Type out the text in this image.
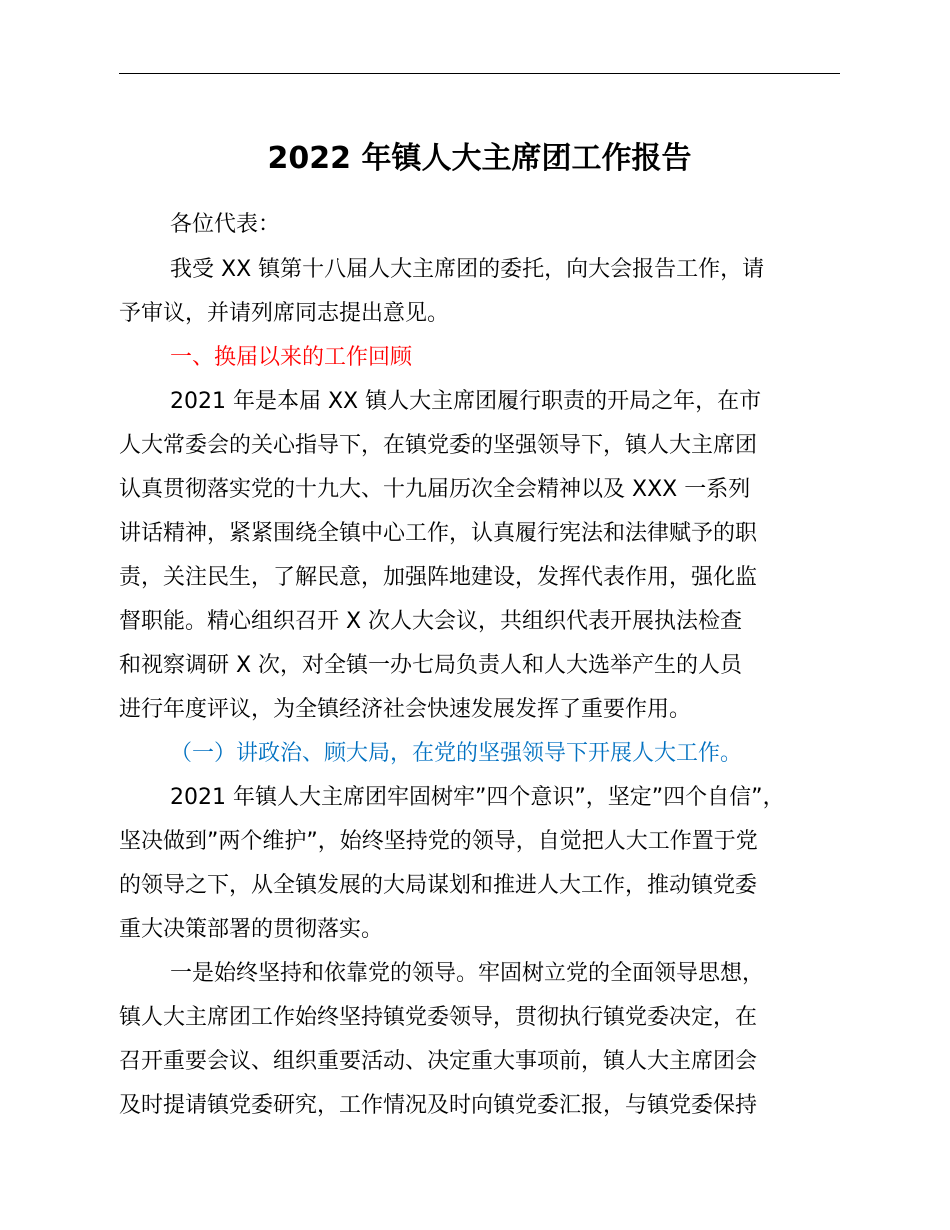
2022 年镇人大主席团工作报告
各位代表：
我受 XX 镇第十八届人大主席团的委托，向大会报告工作，请
予审议，并请列席同志提出意见。
一、换届以来的工作回顾
2021 年是本届 XX 镇人大主席团履行职责的开局之年，在市
人大常委会的关心指导下，在镇党委的坚强领导下，镇人大主席团
认真贯彻落实党的十九大、十九届历次全会精神以及 XXX 一系列
讲话精神，紧紧围绕全镇中心工作，认真履行宪法和法律赋予的职
责，关注民生，了解民意，加强阵地建设，发挥代表作用，强化监
督职能。精心组织召开 X 次人大会议，共组织代表开展执法检查
和视察调研 X 次，对全镇一办七局负责人和人大选举产生的人员
进行年度评议，为全镇经济社会快速发展发挥了重要作用。
（一）讲政治、顾大局，在党的坚强领导下开展人大工作。
2021 年镇人大主席团牢固树牢”四个意识”，坚定”四个自信”，
坚决做到”两个维护”，始终坚持党的领导，自觉把人大工作置于党
的领导之下，从全镇发展的大局谋划和推进人大工作，推动镇党委
重大决策部署的贯彻落实。
一是始终坚持和依靠党的领导。牢固树立党的全面领导思想，
镇人大主席团工作始终坚持镇党委领导，贯彻执行镇党委决定，在
召开重要会议、组织重要活动、决定重大事项前，镇人大主席团会
及时提请镇党委研究，工作情况及时向镇党委汇报，与镇党委保持
